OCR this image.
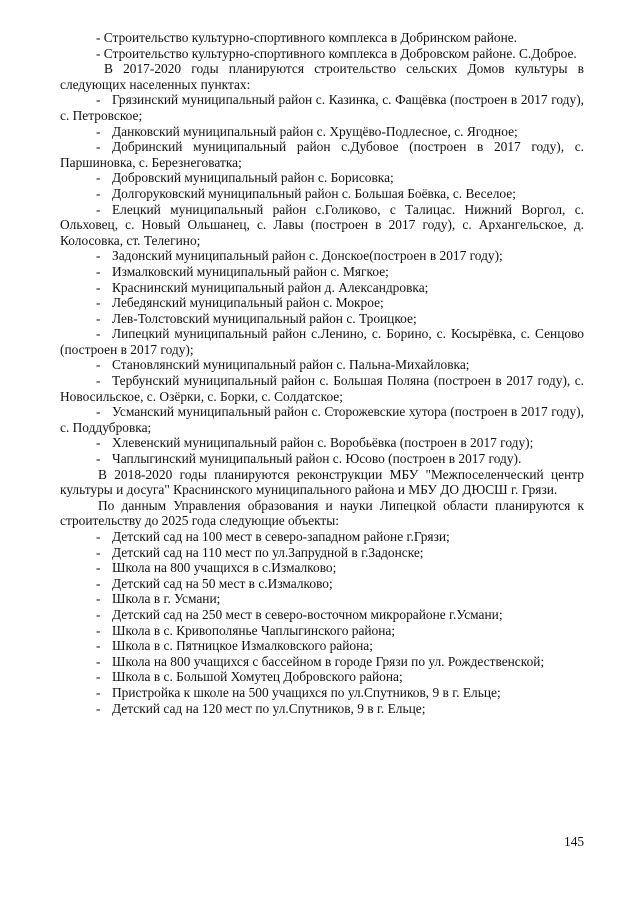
- Строительство культурно-спортивного комплекса в Добринском районе.

- Строительство культурно-спортивного комплекса в Добровском районе. С.Доброе.

В 2017-2020 годы планируются строительство сельских Домов культуры в следующих населенных пунктах:

- Грязинский муниципальный район с. Казинка, с. Фащёвка (построен в 2017 году), с. Петровское;

- Данковский муниципальный район с. Хрущёво-Подлесное, с. Ягодное;

- Добринский муниципальный район с.Дубовое (построен в 2017 году), с. Паршиновка, с. Березнеговатка;

- Добровский муниципальный район с. Борисовка;

- Долгоруковский муниципальный район с. Большая Боёвка, с. Веселое;

- Елецкий муниципальный район с.Голиково, с Талицас. Нижний Воргол, с. Ольховец, с. Новый Ольшанец, с. Лавы (построен в 2017 году), с. Архангельское, д. Колосовка, ст. Телегино;

- Задонский муниципальный район с. Донское(построен в 2017 году);

- Измалковский муниципальный район с. Мягкое;

- Краснинский муниципальный район д. Александровка;

- Лебедянский муниципальный район с. Мокрое;

- Лев-Толстовский муниципальный район с. Троицкое;

- Липецкий муниципальный район с.Ленино, с. Борино, с. Косырёвка, с. Сенцово (построен в 2017 году);

- Становлянский муниципальный район с. Пальна-Михайловка;

- Тербунский муниципальный район с. Большая Поляна (построен в 2017 году), с. Новосильское, с. Озёрки, с. Борки, с. Солдатское;

- Усманский муниципальный район с. Сторожевские хутора (построен в 2017 году), с. Поддубровка;

- Хлевенский муниципальный район с. Воробьёвка (построен в 2017 году);

- Чаплыгинский муниципальный район с. Юсово (построен в 2017 году).

В 2018-2020 годы планируются реконструкции МБУ "Межпоселенческий центр культуры и досуга" Краснинского муниципального района и МБУ ДО ДЮСШ г. Грязи.

По данным Управления образования и науки Липецкой области планируются к строительству до 2025 года следующие объекты:

- Детский сад на 100 мест в северо-западном районе г.Грязи;

- Детский сад на 110 мест по ул.Запрудной в г.Задонске;

- Школа на 800 учащихся в с.Измалково;

- Детский сад на 50 мест в с.Измалково;

- Школа в г. Усмани;

- Детский сад на 250 мест в северо-восточном микрорайоне г.Усмани;

- Школа в с. Кривополянье Чаплыгинского района;

- Школа в с. Пятницкое Измалковского района;

- Школа на 800 учащихся с бассейном в городе Грязи по ул. Рождественской;

- Школа в с. Большой Хомутец Добровского района;

- Пристройка к школе на 500 учащихся по ул.Спутников, 9 в г. Ельце;

- Детский сад на 120 мест по ул.Спутников, 9 в г. Ельце;

145
